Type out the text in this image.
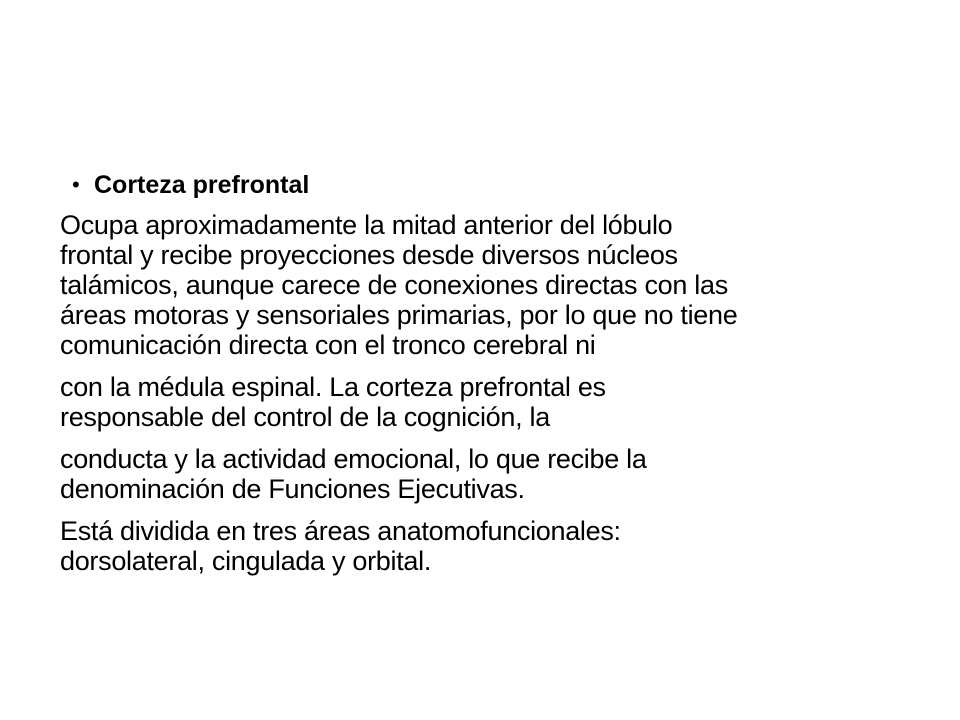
• Corteza prefrontal

Ocupa aproximadamente la mitad anterior del lóbulo
frontal y recibe proyecciones desde diversos núcleos
talámicos, aunque carece de conexiones directas con las
áreas motoras y sensoriales primarias, por lo que no tiene
comunicación directa con el tronco cerebral ni

con la médula espinal. La corteza prefrontal es
responsable del control de la cognición, la

conducta y la actividad emocional, lo que recibe la
denominación de Funciones Ejecutivas.

Está dividida en tres áreas anatomofuncionales:
dorsolateral, cingulada y orbital.
